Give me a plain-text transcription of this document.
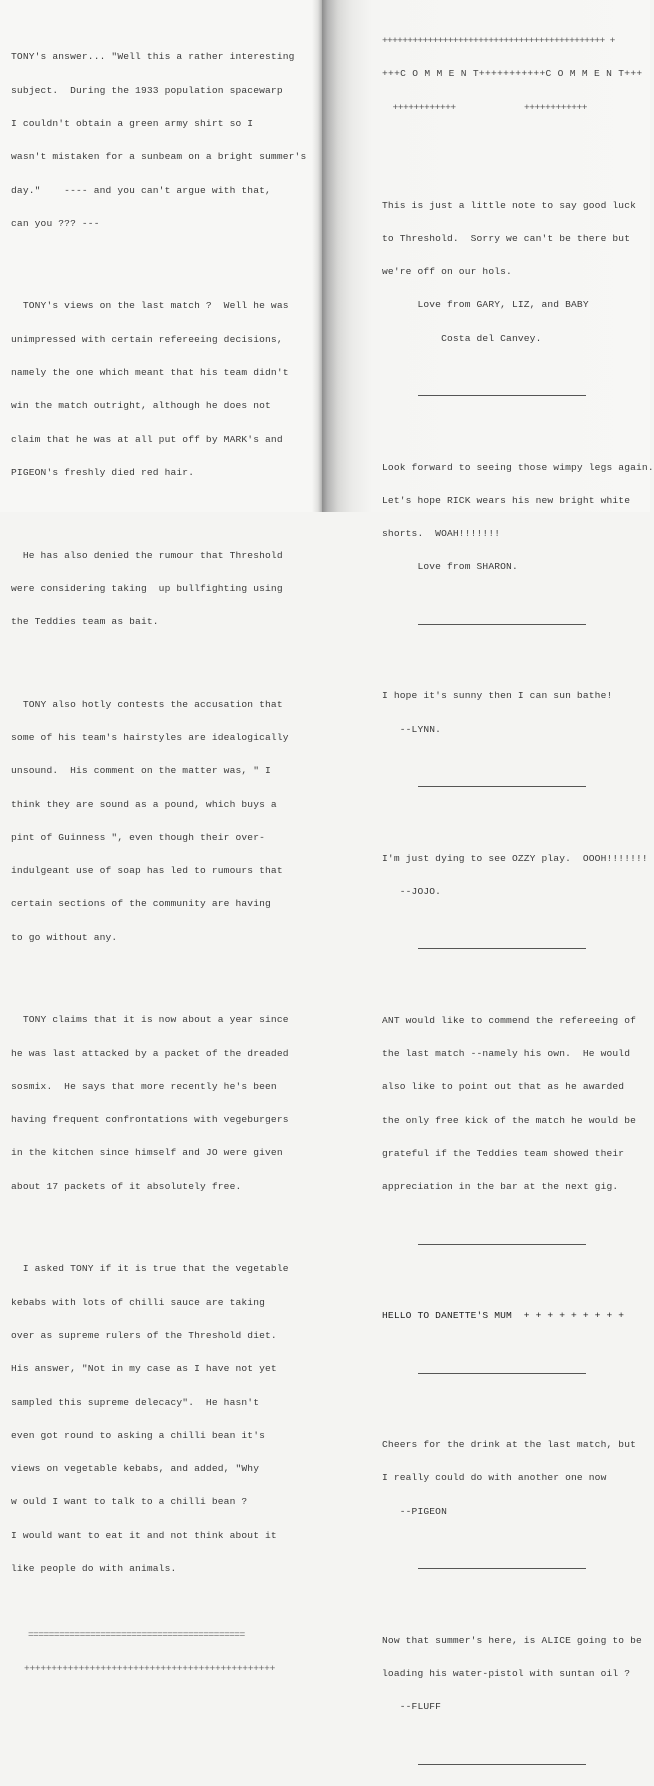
TONY's answer... "Well this a rather interesting

subject.  During the 1933 population spacewarp

I couldn't obtain a green army shirt so I

wasn't mistaken for a sunbeam on a bright summer's

day."    ---- and you can't argue with that,

can you ??? ---

TONY's views on the last match ?  Well he was

unimpressed with certain refereeing decisions,

namely the one which meant that his team didn't

win the match outright, although he does not

claim that he was at all put off by MARK's and

PIGEON's freshly died red hair.

He has also denied the rumour that Threshold

were considering taking  up bullfighting using

the Teddies team as bait.

TONY also hotly contests the accusation that

some of his team's hairstyles are idealogically

unsound.  His comment on the matter was, " I

think they are sound as a pound, which buys a

pint of Guinness ", even though their over-

indulgeant use of soap has led to rumours that

certain sections of the community are having

to go without any.

TONY claims that it is now about a year since

he was last attacked by a packet of the dreaded

sosmix.  He says that more recently he's been

having frequent confrontations with vegeburgers

in the kitchen since himself and JO were given

about 17 packets of it absolutely free.

I asked TONY if it is true that the vegetable

kebabs with lots of chilli sauce are taking

over as supreme rulers of the Threshold diet.

His answer, "Not in my case as I have not yet

sampled this supreme delecacy".  He hasn't

even got round to asking a chilli bean it's

views on vegetable kebabs, and added, "Why

w ould I want to talk to a chilli bean ?

I would want to eat it and not think about it

like people do with animals.

==========================================

++++++++++++++++++++++++++++++++++++++++++++++

++++++++++++++++++++++++++++++++++++++++++++ +

+++C O M M E N T+++++++++++C O M M E N T+++

++++++++++++             ++++++++++++

This is just a little note to say good luck

to Threshold.  Sorry we can't be there but

we're off on our hols.

Love from GARY, LIZ, and BABY

Costa del Canvey.

Look forward to seeing those wimpy legs again.

Let's hope RICK wears his new bright white

shorts.  WOAH!!!!!!!

Love from SHARON.

I hope it's sunny then I can sun bathe!

--LYNN.

I'm just dying to see OZZY play.  OOOH!!!!!!!

--JOJO.

ANT would like to commend the refereeing of

the last match --namely his own.  He would

also like to point out that as he awarded

the only free kick of the match he would be

grateful if the Teddies team showed their

appreciation in the bar at the next gig.

HELLO TO DANETTE'S MUM  + + + + + + + + +

Cheers for the drink at the last match, but

I really could do with another one now

--PIGEON

Now that summer's here, is ALICE going to be

loading his water-pistol with suntan oil ?

--FLUFF
